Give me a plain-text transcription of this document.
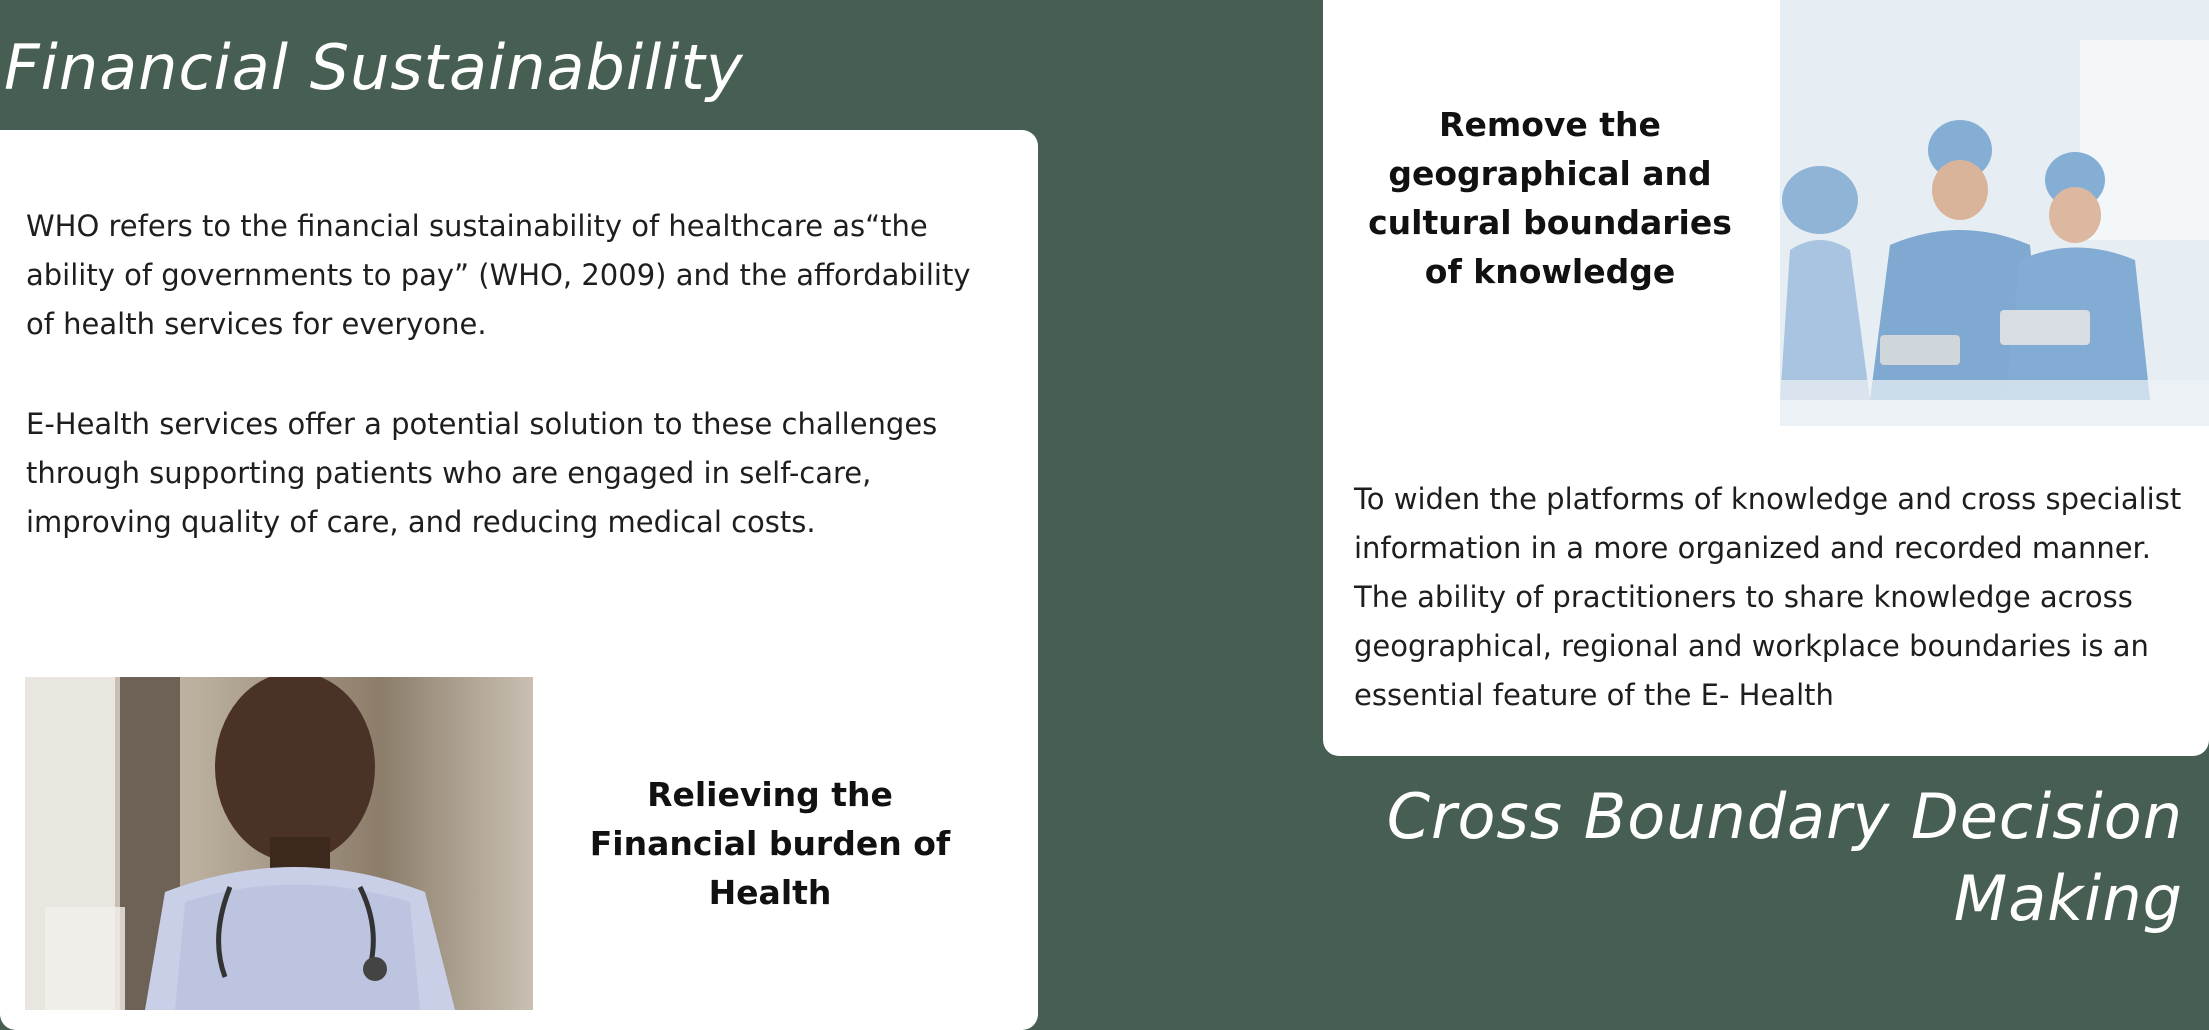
Financial Sustainability

WHO refers to the financial sustainability of healthcare as“the ability of governments to pay” (WHO, 2009) and the affordability of health services for everyone.

E-Health services offer a potential solution to these challenges through supporting patients who are engaged in self-care, improving quality of care, and reducing medical costs.

Relieving the Financial burden of Health

Remove the geographical and cultural boundaries of knowledge

To widen the platforms of knowledge and cross specialist information in a more organized and recorded manner. The ability of practitioners to share knowledge across geographical, regional and workplace boundaries is an essential feature of the E- Health

Cross Boundary Decision Making
